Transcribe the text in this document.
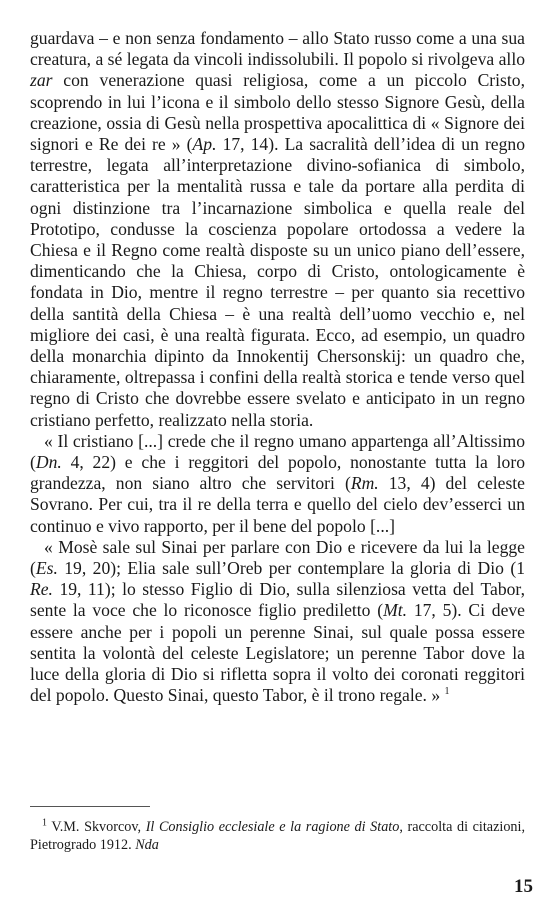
guardava – e non senza fondamento – allo Stato russo come a una sua creatura, a sé legata da vincoli indissolubili. Il popolo si rivolgeva allo zar con venerazione quasi religiosa, come a un piccolo Cristo, scoprendo in lui l’icona e il simbolo dello stesso Signore Gesù, della creazione, ossia di Gesù nella prospettiva apocalittica di « Signore dei signori e Re dei re » (Ap. 17, 14). La sacralità dell’idea di un regno terrestre, legata all’interpretazione divino-sofianica di simbolo, caratteristica per la mentalità russa e tale da portare alla perdita di ogni distinzione tra l’incarnazione simbolica e quella reale del Prototipo, condusse la coscienza popolare ortodossa a vedere la Chiesa e il Regno come realtà disposte su un unico piano dell’essere, dimenticando che la Chiesa, corpo di Cristo, ontologicamente è fondata in Dio, mentre il regno terrestre – per quanto sia recettivo della santità della Chiesa – è una realtà dell’uomo vecchio e, nel migliore dei casi, è una realtà figurata. Ecco, ad esempio, un quadro della monarchia dipinto da Innokentij Chersonskij: un quadro che, chiaramente, oltrepassa i confini della realtà storica e tende verso quel regno di Cristo che dovrebbe essere svelato e anticipato in un regno cristiano perfetto, realizzato nella storia.

« Il cristiano [...] crede che il regno umano appartenga all’Altissimo (Dn. 4, 22) e che i reggitori del popolo, nonostante tutta la loro grandezza, non siano altro che servitori (Rm. 13, 4) del celeste Sovrano. Per cui, tra il re della terra e quello del cielo dev’esserci un continuo e vivo rapporto, per il bene del popolo [...]

« Mosè sale sul Sinai per parlare con Dio e ricevere da lui la legge (Es. 19, 20); Elia sale sull’Oreb per contemplare la gloria di Dio (1 Re. 19, 11); lo stesso Figlio di Dio, sulla silenziosa vetta del Tabor, sente la voce che lo riconosce figlio prediletto (Mt. 17, 5). Ci deve essere anche per i popoli un perenne Sinai, sul quale possa essere sentita la volontà del celeste Legislatore; un perenne Tabor dove la luce della gloria di Dio si rifletta sopra il volto dei coronati reggitori del popolo. Questo Sinai, questo Tabor, è il trono regale. » $^1$

$^1$ V.M. Skvorcov, Il Consiglio ecclesiale e la ragione di Stato, raccolta di citazioni, Pietrogrado 1912. Nda
15
